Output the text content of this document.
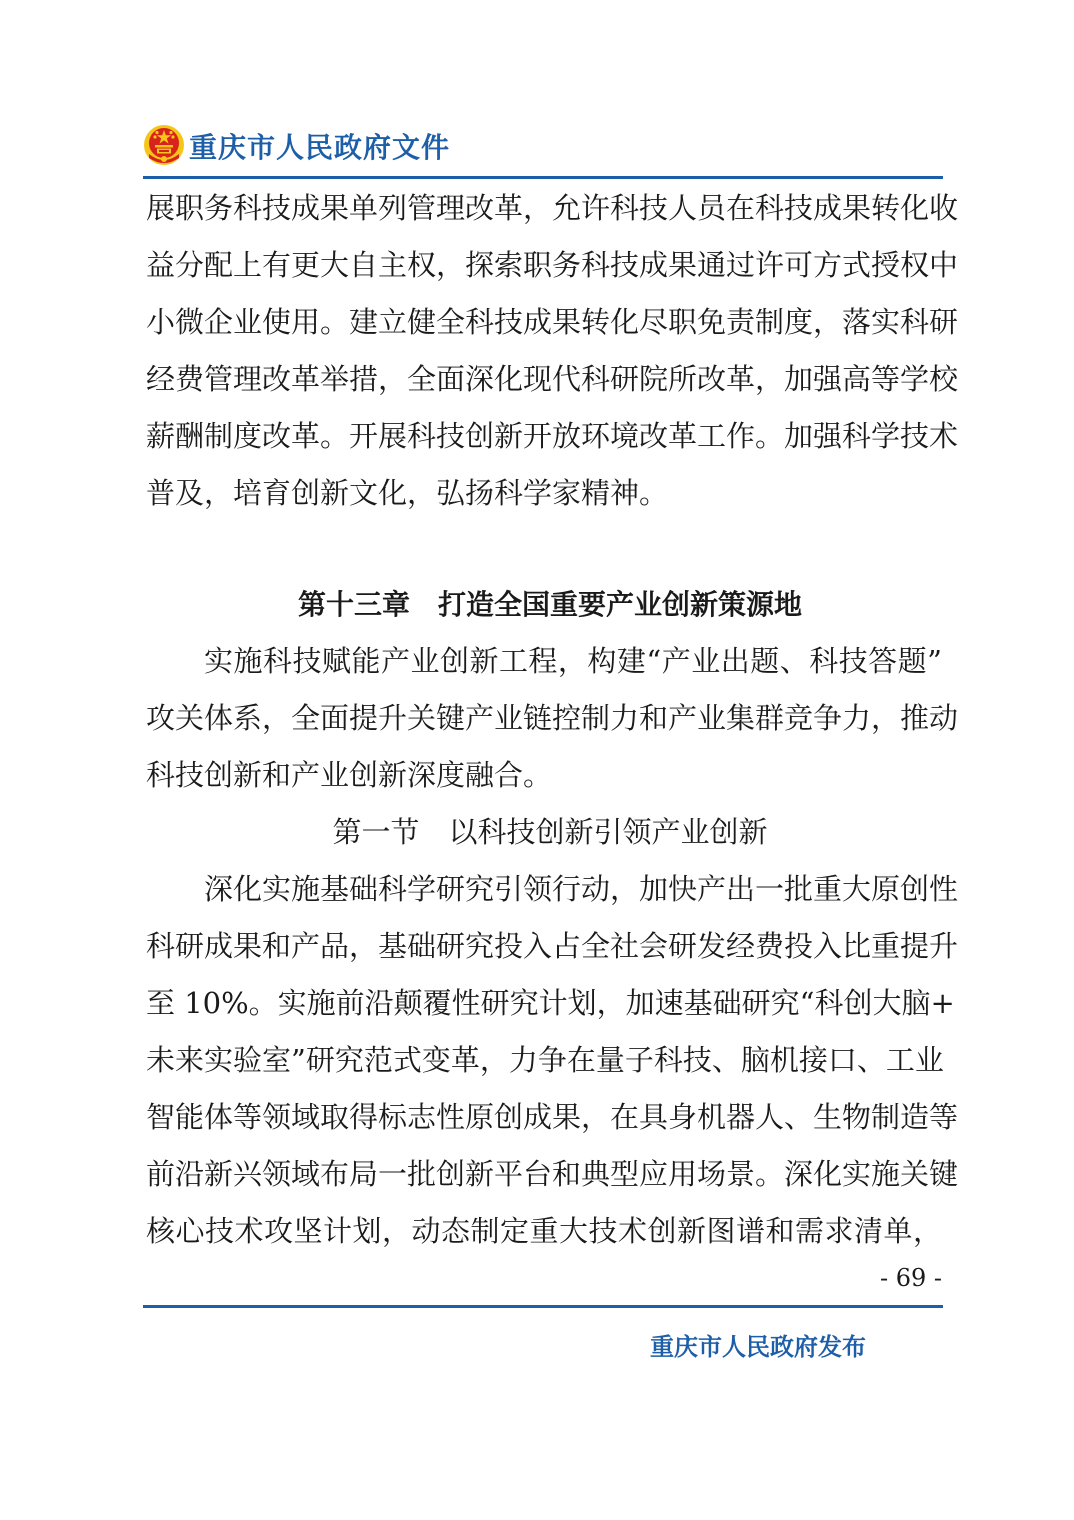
重庆市人民政府文件
展职务科技成果单列管理改革，允许科技人员在科技成果转化收
益分配上有更大自主权，探索职务科技成果通过许可方式授权中
小微企业使用。建立健全科技成果转化尽职免责制度，落实科研
经费管理改革举措，全面深化现代科研院所改革，加强高等学校
薪酬制度改革。开展科技创新开放环境改革工作。加强科学技术
普及，培育创新文化，弘扬科学家精神。
第十三章　打造全国重要产业创新策源地
实施科技赋能产业创新工程，构建“产业出题、科技答题”
攻关体系，全面提升关键产业链控制力和产业集群竞争力，推动
科技创新和产业创新深度融合。
第一节　以科技创新引领产业创新
深化实施基础科学研究引领行动，加快产出一批重大原创性
科研成果和产品，基础研究投入占全社会研发经费投入比重提升
至 10%。实施前沿颠覆性研究计划，加速基础研究“科创大脑+
未来实验室”研究范式变革，力争在量子科技、脑机接口、工业
智能体等领域取得标志性原创成果，在具身机器人、生物制造等
前沿新兴领域布局一批创新平台和典型应用场景。深化实施关键
核心技术攻坚计划，动态制定重大技术创新图谱和需求清单，
- 69 -
重庆市人民政府发布
